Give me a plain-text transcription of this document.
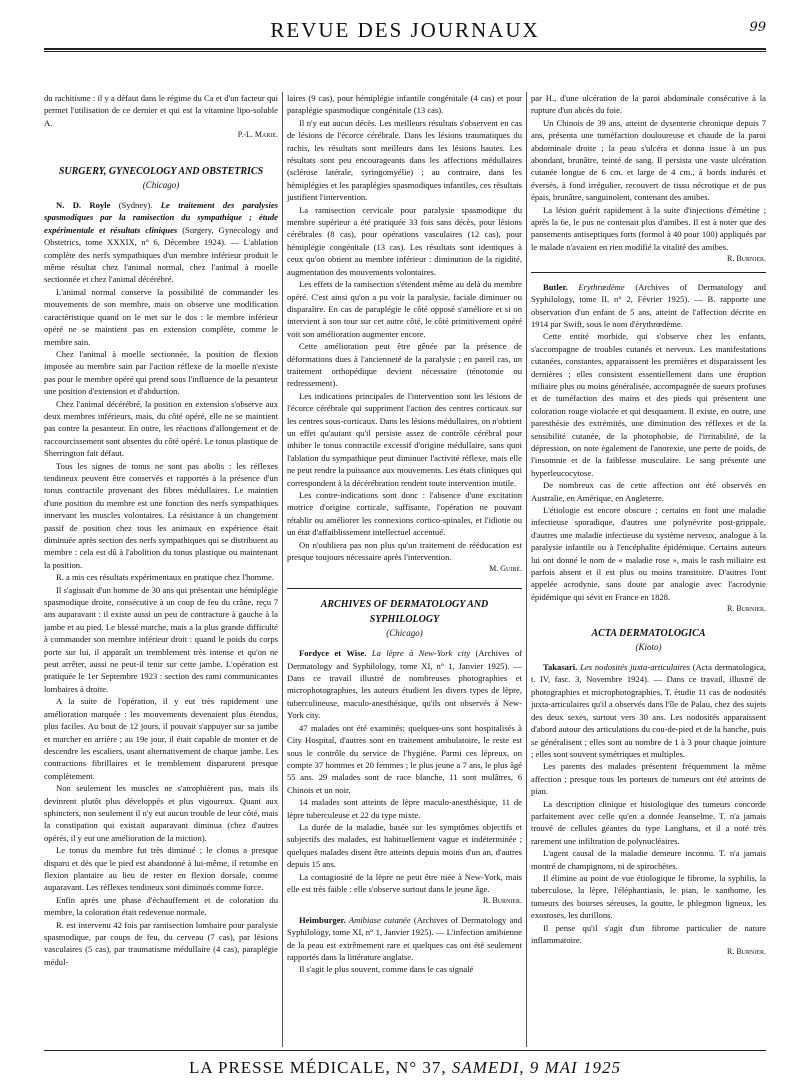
REVUE DES JOURNAUX	99

du rachitisme : il y a défaut dans le régime du Ca et d'un facteur qui permet l'utilisation de ce dernier et qui est la vitamine lipo-soluble A.

P.-L. Marie.
SURGERY, GYNECOLOGY AND OBSTETRICS
(Chicago)

N. D. Royle (Sydney). Le traitement des paralysies spasmodiques par la ramisection du sympathique ; étude expérimentale et résultats cliniques (Surgery, Gynecology and Obstetrics, tome XXXIX, n° 6, Décembre 1924). — L'ablation complète des nerfs sympathiques d'un membre inférieur produit le même résultat chez l'animal normal, chez l'animal à moelle sectionnée et chez l'animal décérébré.

L'animal normal conserve la possibilité de commander les mouvements de son membre, mais on observe une modification caractéristique quand on le met sur le dos : le membre inférieur opéré ne se maintient pas en extension complète, comme le membre sain.

Chez l'animal à moelle sectionnée, la position de flexion imposée au membre sain par l'action réflexe de la moelle n'existe pas pour le membre opéré qui prend sous l'influence de la pesanteur une position d'extension et d'abduction.

Chez l'animal décérébré, la position en extension s'observe aux deux membres inférieurs, mais, du côté opéré, elle ne se maintient pas contre la pesanteur. En outre, les réactions d'allongement et de raccourcissement sont absentes du côté opéré. Le tonus plastique de Sherrington fait défaut.

Tous les signes de tonus ne sont pas abolis : les réflexes tendineux peuvent être conservés et rapportés à la présence d'un tonus contractile provenant des fibres médullaires. Le maintien d'une position du membre est une fonction des nerfs sympathiques innervant les muscles volontaires. La résistance à un changement passif de position chez tous les animaux en expérience était diminuée après section des nerfs sympathiques qui se distribuent au membre : cela est dû à l'abolition du tonus plastique ou maintenant la position.

R. a mis ces résultats expérimentaux en pratique chez l'homme.

Il s'agissait d'un homme de 30 ans qui présentait une hémiplégie spasmodique droite, consécutive à un coup de feu du crâne, reçu 7 ans auparavant : il existe aussi un peu de contracture à gauche à la jambe et au pied. Le blessé marche, mais a la plus grande difficulté à commander son membre inférieur droit : quand le poids du corps porte sur lui, il apparaît un tremblement très intense et qu'on ne peut arrêter, aussi ne peut-il tenir sur cette jambe. L'opération est pratiquée le 1er Septembre 1923 : section des rami communicantes lombaires à droite.

A la suite de l'opération, il y eut très rapidement une amélioration marquée : les mouvements devenaient plus étendus, plus faciles. Au bout de 12 jours, il pouvait s'appuyer sur sa jambe et marcher en arrière ; au 19e jour, il était capable de monter et de descendre les escaliers, usant alternativement de chaque jambe. Les contractions fibrillaires et le tremblement disparurent presque complètement.

Non seulement les muscles ne s'atrophièrent pas, mais ils devinrent plutôt plus développés et plus vigoureux. Quant aux sphincters, non seulement il n'y eut aucun trouble de leur côté, mais la constipation qui existait auparavant diminua (chez d'autres opérés, il y eut une amélioration de la miction).

Le tonus du membre fut très diminué ; le clonus a presque disparu et dès que le pied est abandonné à lui-même, il retombe en flexion plantaire au lieu de rester en flexion dorsale, comme auparavant. Les réflexes tendineux sont diminués comme force.

Enfin après une phase d'échauffement et de coloration du membre, la coloration était redevenue normale.

R. est intervenu 42 fois par ramisection lombaire pour paralysie spasmodique, par coups de feu, du cerveau (7 cas), par lésions vasculaires (5 cas), par traumatisme médullaire (4 cas), paraplégie médul-

laires (9 cas), pour hémiplégie infantile congénitale (4 cas) et pour paraplégie spasmodique congénitale (13 cas).

Il n'y eut aucun décès. Les meilleurs résultats s'observent en cas de lésions de l'écorce cérébrale. Dans les lésions traumatiques du rachis, les résultats sont meilleurs dans les lésions hautes. Les résultats sont peu encourageants dans les affections médullaires (sclérose latérale, syringomyélie) ; au contraire, dans les hémiplégies et les paraplégies spasmodiques infantiles, ces résultats justifient l'intervention.

La ramisection cervicale pour paralysie spasmodique du membre supérieur a été pratiquée 33 fois sans décès, pour lésions cérébrales (8 cas), pour opérations vasculaires (12 cas), pour hémiplégie congénitale (13 cas). Les résultats sont identiques à ceux qu'on obtient au membre inférieur : diminution de la rigidité, augmentation des mouvements volontaires.

Les effets de la ramisection s'étendent même au delà du membre opéré. C'est ainsi qu'on a pu voir la paralysie, faciale diminuer ou disparaître. En cas de paraplégie le côté opposé s'améliore et si on intervient à son tour sur cet autre côté, le côté primitivement opéré voit son amélioration augmenter encore.

Cette amélioration peut être gênée par la présence de déformations dues à l'ancienneté de la paralysie ; en pareil cas, un traitement orthopédique devient nécessaire (ténotomie ou redressement).

Les indications principales de l'intervention sont les lésions de l'écorce cérébrale qui suppriment l'action des centres corticaux sur les centres sous-corticaux. Dans les lésions médullaires, on n'obtient un effet qu'autant qu'il persiste assez de contrôle cérébral pour inhiber le tonus contractile excessif d'origine médullaire, sans quoi l'ablation du sympathique peut diminuer l'activité réflexe, mais elle ne peut rendre la puissance aux mouvements. Les états cliniques qui correspondent à la décérébration rendent toute intervention inutile.

Les contre-indications sont donc : l'absence d'une excitation motrice d'origine corticale, suffisante, l'opération ne pouvant rétablir ou améliorer les connexions cortico-spinales, et l'idiotie ou un état d'affaiblissement intellectuel accentué.

On n'oubliera pas non plus qu'un traitement de rééducation est presque toujours nécessaire après l'intervention.

M. Guibé.
ARCHIVES OF DERMATOLOGY AND SYPHILOLOGY
(Chicago)

Fordyce et Wise. La lèpre à New-York city (Archives of Dermatology and Syphilology, tome XI, n° 1, Janvier 1925). — Dans ce travail illustré de nombreuses photographies et microphotographies, les auteurs étudient les divers types de lèpre, tuberculineuse, maculo-anesthésique, qu'ils ont observés à New-York city.

47 malades ont été examinés; quelques-uns sont hospitalisés à City Hospital, d'autres sont en traitement ambulatoire, le reste est sous le contrôle du service de l'hygiène. Parmi ces lépreux, on compte 37 hommes et 20 femmes ; le plus jeune a 7 ans, le plus âgé 55 ans. 29 malades sont de race blanche, 11 sont mulâtres, 6 Chinois et un noir.

14 malades sont atteints de lèpre maculo-anesthésique, 11 de lèpre tuberculeuse et 22 du type mixte.

La durée de la maladie, basée sur les symptômes objectifs et subjectifs des malades, est habituellement vague et indéterminée ; quelques malades disent être atteints depuis moins d'un an, d'autres depuis 15 ans.

La contagiosité de la lèpre ne peut être niée à New-York, mais elle est très faible : elle s'observe surtout dans le jeune âge.

R. Burnier.

Heimburger. Amibiase cutanée (Archives of Dermatology and Syphilology, tome XI, n° 1, Janvier 1925). — L'infection amibienne de la peau est extrêmement rare et quelques cas ont été seulement rapportés dans la littérature anglaise.

Il s'agit le plus souvent, comme dans le cas signalé

par H., d'une ulcération de la paroi abdominale consécutive à la rupture d'un abcès du foie.

Un Chinois de 39 ans, atteint de dysenterie chronique depuis 7 ans, présenta une tuméfaction douloureuse et chaude de la paroi abdominale droite ; la peau s'ulcéra et donna issue à un pus abondant, brunâtre, teinté de sang. Il persista une vaste ulcération cutanée longue de 6 cm. et large de 4 cm., à bords indurés et éversés, à fond irrégulier, recouvert de tissu nécrotique et de pus épais, brunâtre, sanguinolent, contenant des amibes.

La lésion guérit rapidement à la suite d'injections d'émétine ; après la 6e, le pus ne contenait plus d'amibes. Il est à noter que des pansements antiseptiques forts (formol à 40 pour 100) appliqués par le malade n'avaient en rien modifié la vitalité des amibes.

R. Burnier.

Butler. Erythrœdème (Archives of Dermatology and Syphilology, tome II, n° 2, Février 1925). — B. rapporte une observation d'un enfant de 5 ans, atteint de l'affection décrite en 1914 par Swift, sous le nom d'érythrœdème.

Cette entité morbide, qui s'observe chez les enfants, s'accompagne de troubles cutanés et nerveux. Les manifestations cutanées, constantes, apparaissent les premières et disparaissent les dernières ; elles consistent essentiellement dans une éruption miliaire plus ou moins généralisée, accompagnée de sueurs profuses et de tuméfaction des mains et des pieds qui présentent une coloration rouge violacée et qui desquament. Il existe, en outre, une paresthésie des extrémités, une diminution des réflexes et de la sensibilité cutanée, de la photophobie, de l'irritabilité, de la dépression, on note également de l'anorexie, une perte de poids, de l'insomnie et de la faiblesse musculaire. Le sang présente une hyperleucocytose.

De nombreux cas de cette affection ont été observés en Australie, en Amérique, en Angleterre.

L'étiologie est encore obscure ; certains en font une maladie infectieuse sporadique, d'autres une polynévrite post-grippale, d'autres une maladie infectieuse du système nerveux, analogue à la paralysie infantile ou à l'encéphalite épidémique. Certains auteurs lui ont donné le nom de « maladie rose », mais le rash miliaire est parfois absent et il est plus ou moins transitoire. D'autres l'ont appelée acrodynie, sans doute par analogie avec l'acrodynie épidémique qui sévit en France en 1828.

R. Burnier.
ACTA DERMATOLOGICA
(Kioto)

Takasari. Les nodosités juxta-articulaires (Acta dermatologica, t. IV, fasc. 3, Novembre 1924). — Dans ce travail, illustré de photographies et microphotographies, T. étudie 11 cas de nodosités juxta-articulaires qu'il a observés dans l'île de Palau, chez des sujets des deux sexes, surtout vers 30 ans. Les nodosités apparaissent d'abord autour des articulations du cou-de-pied et de la hanche, puis se généralisent ; elles sont au nombre de 1 à 3 pour chaque jointure ; elles sont souvent symétriques et multiples.

Les parents des malades présentent fréquemment la même affection ; presque tous les porteurs de tumeurs ont été atteints de pian.

La description clinique et histologique des tumeurs concorde parfaitement avec celle qu'en a donnée Jeanselme. T. n'a jamais trouvé de cellules géantes du type Langhans, et il a noté très rarement une infiltration de polynucléaires.

L'agent causal de la maladie demeure inconnu. T. n'a jamais montré de champignons, ni de spirochètes.

Il élimine au point de vue étiologique le fibrome, la syphilis, la tuberculose, la lèpre, l'éléphantiasis, le pian, le xanthome, les tumeurs des bourses séreuses, la goutte, le phlegmon ligneux, les exostoses, les durillons.

Il pense qu'il s'agit d'un fibrome particulier de nature inflammatoire.

R. Burnier.
LA PRESSE MÉDICALE, N° 37, SAMEDI, 9 MAI 1925
